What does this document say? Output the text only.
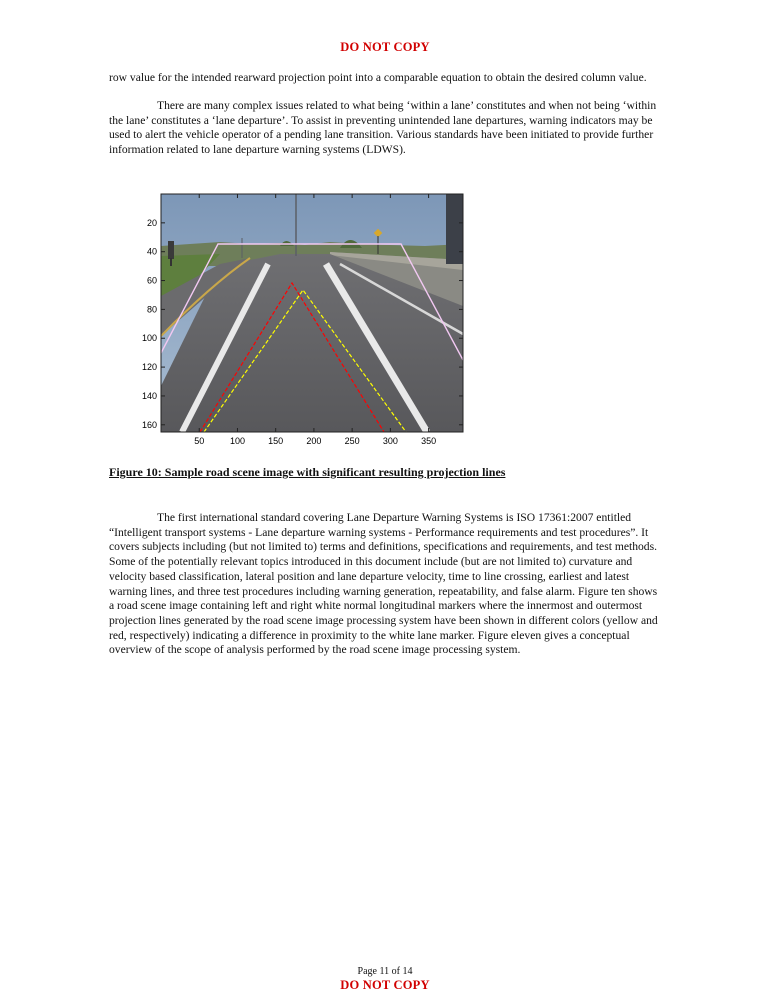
DO NOT COPY

row value for the intended rearward projection point into a comparable equation to obtain the desired column value.

There are many complex issues related to what being ‘within a lane’ constitutes and when not being ‘within the lane’ constitutes a ‘lane departure’. To assist in preventing unintended lane departures, warning indicators may be used to alert the vehicle operator of a pending lane transition. Various standards have been initiated to provide further information related to lane departure warning systems (LDWS).

50	100	150	200	250	300	350
20
40
60
80
100
120
140
160
Figure 10: Sample road scene image with significant resulting projection lines

The first international standard covering Lane Departure Warning Systems is ISO 17361:2007 entitled “Intelligent transport systems - Lane departure warning systems - Performance requirements and test procedures”. It covers subjects including (but not limited to) terms and definitions, specifications and requirements, and test methods. Some of the potentially relevant topics introduced in this document include (but are not limited to) curvature and velocity based classification, lateral position and lane departure velocity, time to line crossing, earliest and latest warning lines, and three test procedures including warning generation, repeatability, and false alarm. Figure ten shows a road scene image containing left and right white normal longitudinal markers where the innermost and outermost projection lines generated by the road scene image processing system have been shown in different colors (yellow and red, respectively) indicating a difference in proximity to the white lane marker. Figure eleven gives a conceptual overview of the scope of analysis performed by the road scene image processing system.

Page 11 of 14
DO NOT COPY
